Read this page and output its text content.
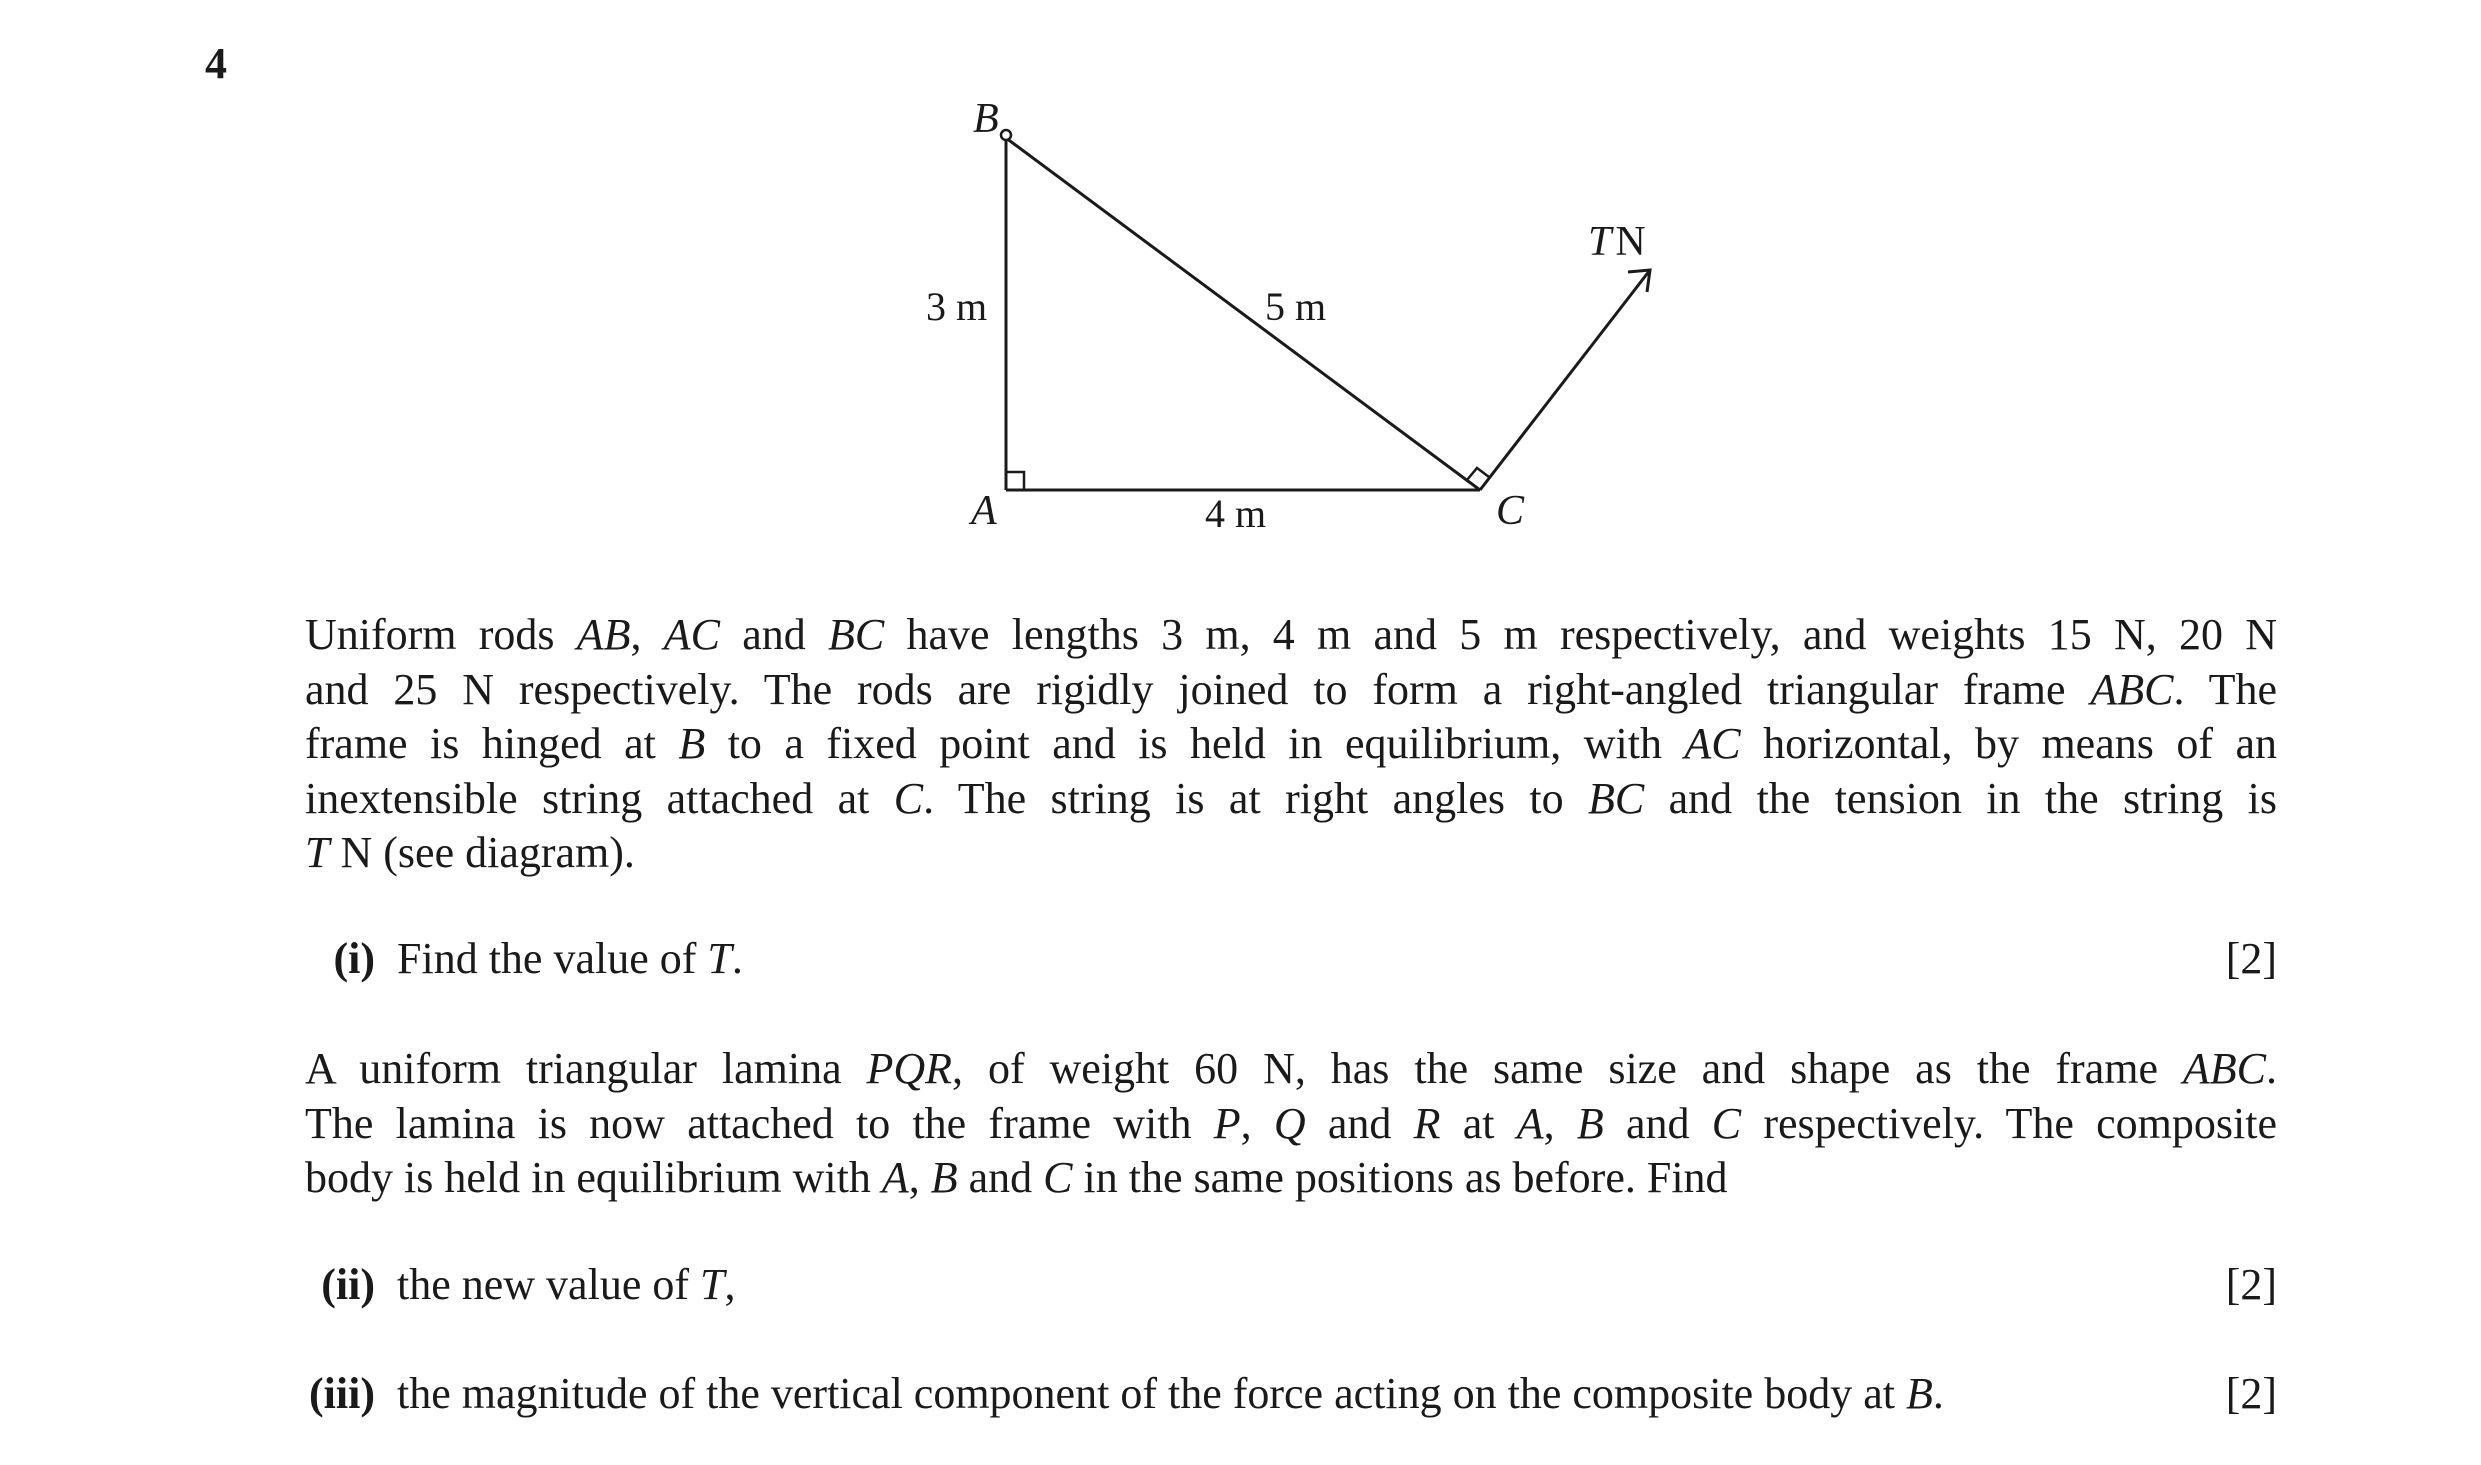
4
B
A	C
3 m	5 m
4 m
TN
Uniform rods AB, AC and BC have lengths 3 m, 4 m and 5 m respectively, and weights 15 N, 20 N
and 25 N respectively. The rods are rigidly joined to form a right-angled triangular frame ABC. The
frame is hinged at B to a fixed point and is held in equilibrium, with AC horizontal, by means of an
inextensible string attached at C. The string is at right angles to BC and the tension in the string is
T N (see diagram).
(i) Find the value of T.	[2]
A uniform triangular lamina PQR, of weight 60 N, has the same size and shape as the frame ABC.
The lamina is now attached to the frame with P, Q and R at A, B and C respectively. The composite
body is held in equilibrium with A, B and C in the same positions as before. Find
(ii) the new value of T,	[2]
(iii) the magnitude of the vertical component of the force acting on the composite body at B.	[2]
